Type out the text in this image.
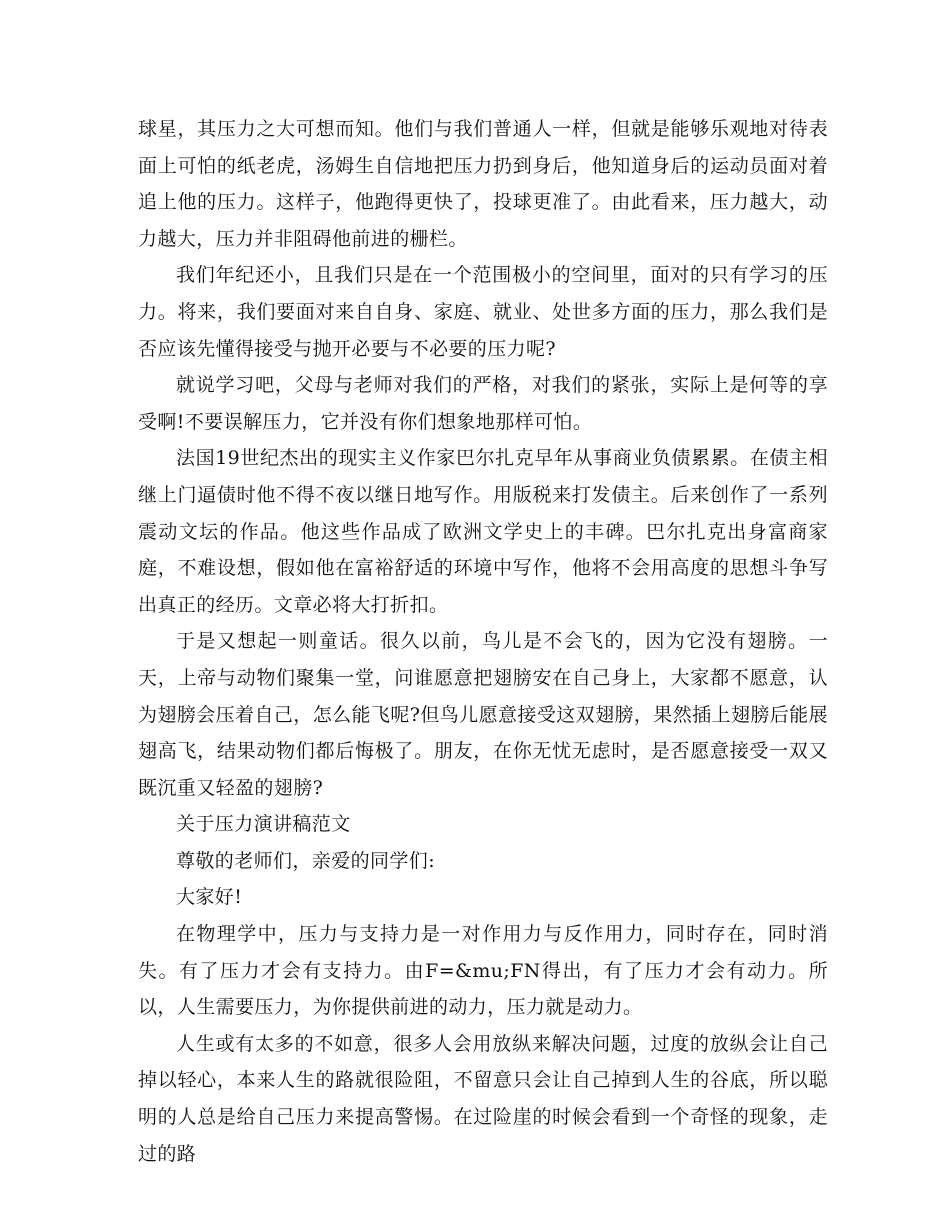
球星，其压力之大可想而知。他们与我们普通人一样，但就是能够乐观地对待表面上可怕的纸老虎，汤姆生自信地把压力扔到身后，他知道身后的运动员面对着追上他的压力。这样子，他跑得更快了，投球更准了。由此看来，压力越大，动力越大，压力并非阻碍他前进的栅栏。

我们年纪还小，且我们只是在一个范围极小的空间里，面对的只有学习的压力。将来，我们要面对来自自身、家庭、就业、处世多方面的压力，那么我们是否应该先懂得接受与抛开必要与不必要的压力呢?

就说学习吧，父母与老师对我们的严格，对我们的紧张，实际上是何等的享受啊!不要误解压力，它并没有你们想象地那样可怕。

法国19世纪杰出的现实主义作家巴尔扎克早年从事商业负债累累。在债主相继上门逼债时他不得不夜以继日地写作。用版税来打发债主。后来创作了一系列震动文坛的作品。他这些作品成了欧洲文学史上的丰碑。巴尔扎克出身富商家庭，不难设想，假如他在富裕舒适的环境中写作，他将不会用高度的思想斗争写出真正的经历。文章必将大打折扣。

于是又想起一则童话。很久以前，鸟儿是不会飞的，因为它没有翅膀。一天，上帝与动物们聚集一堂，问谁愿意把翅膀安在自己身上，大家都不愿意，认为翅膀会压着自己，怎么能飞呢?但鸟儿愿意接受这双翅膀，果然插上翅膀后能展翅高飞，结果动物们都后悔极了。朋友，在你无忧无虑时，是否愿意接受一双又既沉重又轻盈的翅膀?

关于压力演讲稿范文

尊敬的老师们，亲爱的同学们:

大家好!

在物理学中，压力与支持力是一对作用力与反作用力，同时存在，同时消失。有了压力才会有支持力。由F=&mu;FN得出，有了压力才会有动力。所以，人生需要压力，为你提供前进的动力，压力就是动力。

人生或有太多的不如意，很多人会用放纵来解决问题，过度的放纵会让自己掉以轻心，本来人生的路就很险阻，不留意只会让自己掉到人生的谷底，所以聪明的人总是给自己压力来提高警惕。在过险崖的时候会看到一个奇怪的现象，走过的路
